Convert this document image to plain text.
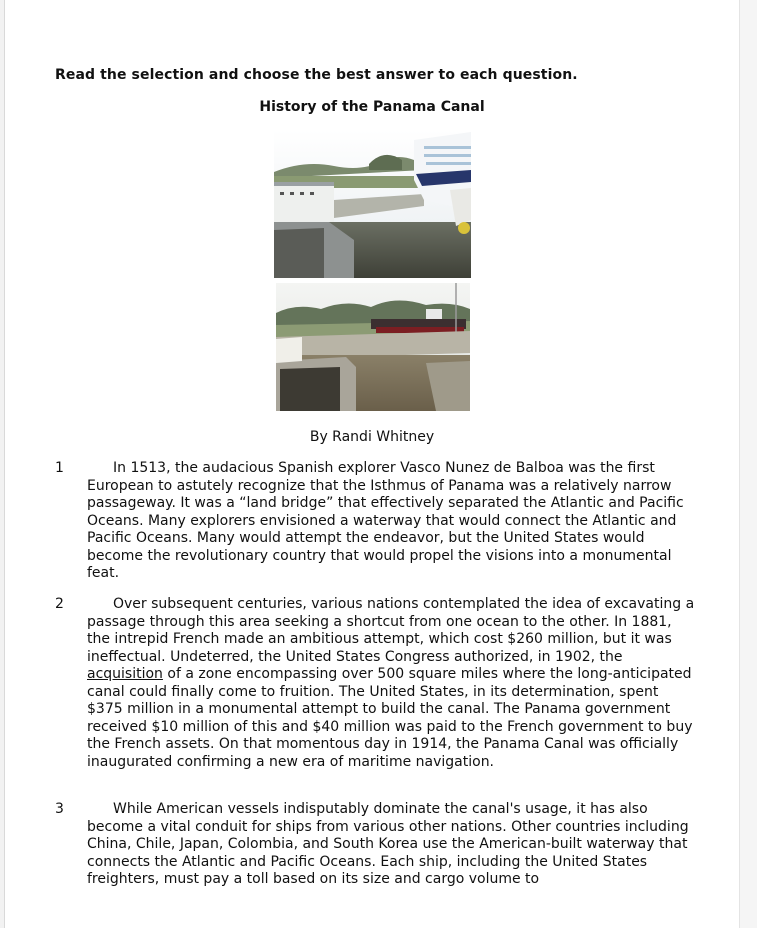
Read the selection and choose the best answer to each question.
History of the Panama Canal
By Randi Whitney
1	In 1513, the audacious Spanish explorer Vasco Nunez de Balboa was the first European to astutely recognize that the Isthmus of Panama was a relatively narrow passageway. It was a “land bridge” that effectively separated the Atlantic and Pacific Oceans. Many explorers envisioned a waterway that would connect the Atlantic and Pacific Oceans. Many would attempt the endeavor, but the United States would become the revolutionary country that would propel the visions into a monumental feat.
2	Over subsequent centuries, various nations contemplated the idea of excavating a passage through this area seeking a shortcut from one ocean to the other. In 1881, the intrepid French made an ambitious attempt, which cost $260 million, but it was ineffectual. Undeterred, the United States Congress authorized, in 1902, the acquisition of a zone encompassing over 500 square miles where the long-anticipated canal could finally come to fruition. The United States, in its determination, spent $375 million in a monumental attempt to build the canal. The Panama government received $10 million of this and $40 million was paid to the French government to buy the French assets. On that momentous day in 1914, the Panama Canal was officially inaugurated confirming a new era of maritime navigation.
3	While American vessels indisputably dominate the canal's usage, it has also become a vital conduit for ships from various other nations. Other countries including China, Chile, Japan, Colombia, and South Korea use the American-built waterway that connects the Atlantic and Pacific Oceans. Each ship, including the United States freighters, must pay a toll based on its size and cargo volume to
